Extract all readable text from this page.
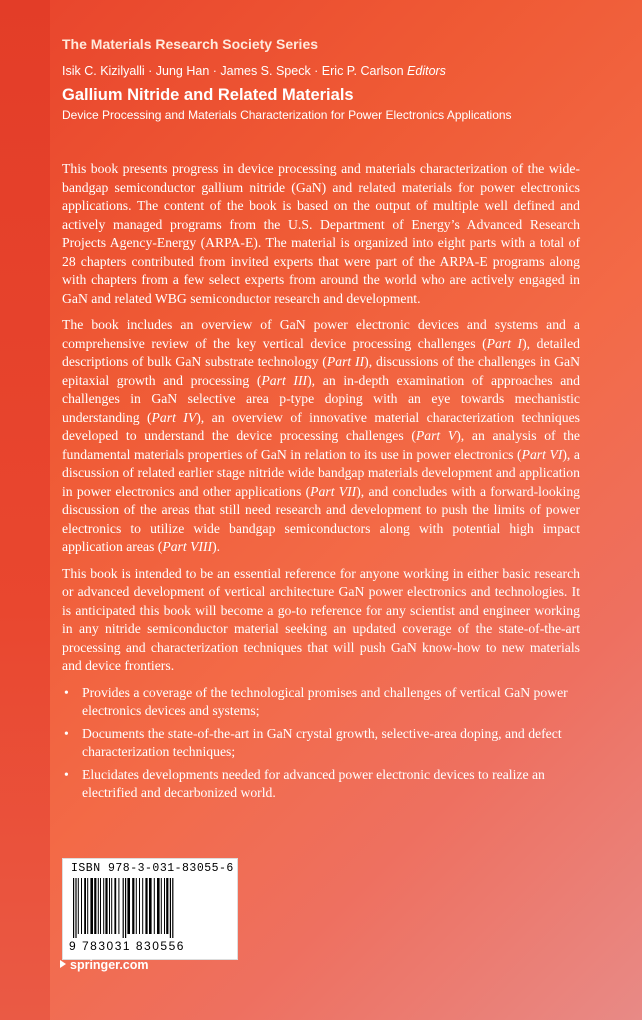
The Materials Research Society Series
Isik C. Kizilyalli · Jung Han · James S. Speck · Eric P. Carlson Editors
Gallium Nitride and Related Materials
Device Processing and Materials Characterization for Power Electronics Applications

This book presents progress in device processing and materials characterization of the wide-bandgap semiconductor gallium nitride (GaN) and related materials for power electronics applications. The content of the book is based on the output of multiple well defined and actively managed programs from the U.S. Department of Energy’s Advanced Research Projects Agency-Energy (ARPA-E). The material is organized into eight parts with a total of 28 chapters contributed from invited experts that were part of the ARPA-E programs along with chapters from a few select experts from around the world who are actively engaged in GaN and related WBG semiconductor research and development.

The book includes an overview of GaN power electronic devices and systems and a comprehensive review of the key vertical device processing challenges (Part I), detailed descriptions of bulk GaN substrate technology (Part II), discussions of the challenges in GaN epitaxial growth and processing (Part III), an in-depth examination of approaches and challenges in GaN selective area p-type doping with an eye towards mechanistic understanding (Part IV), an overview of innovative material characterization techniques developed to understand the device processing challenges (Part V), an analysis of the fundamental materials properties of GaN in relation to its use in power electronics (Part VI), a discussion of related earlier stage nitride wide bandgap materials development and application in power electronics and other applications (Part VII), and concludes with a forward-looking discussion of the areas that still need research and development to push the limits of power electronics to utilize wide bandgap semiconductors along with potential high impact application areas (Part VIII).

This book is intended to be an essential reference for anyone working in either basic research or advanced development of vertical architecture GaN power electronics and technologies. It is anticipated this book will become a go-to reference for any scientist and engineer working in any nitride semiconductor material seeking an updated coverage of the state-of-the-art processing and characterization techniques that will push GaN know-how to new materials and device frontiers.

• Provides a coverage of the technological promises and challenges of vertical GaN power electronics devices and systems;
• Documents the state-of-the-art in GaN crystal growth, selective-area doping, and defect characterization techniques;
• Elucidates developments needed for advanced power electronic devices to realize an electrified and decarbonized world.
ISBN 978-3-031-83055-6
9 783031 830556
springer.com
